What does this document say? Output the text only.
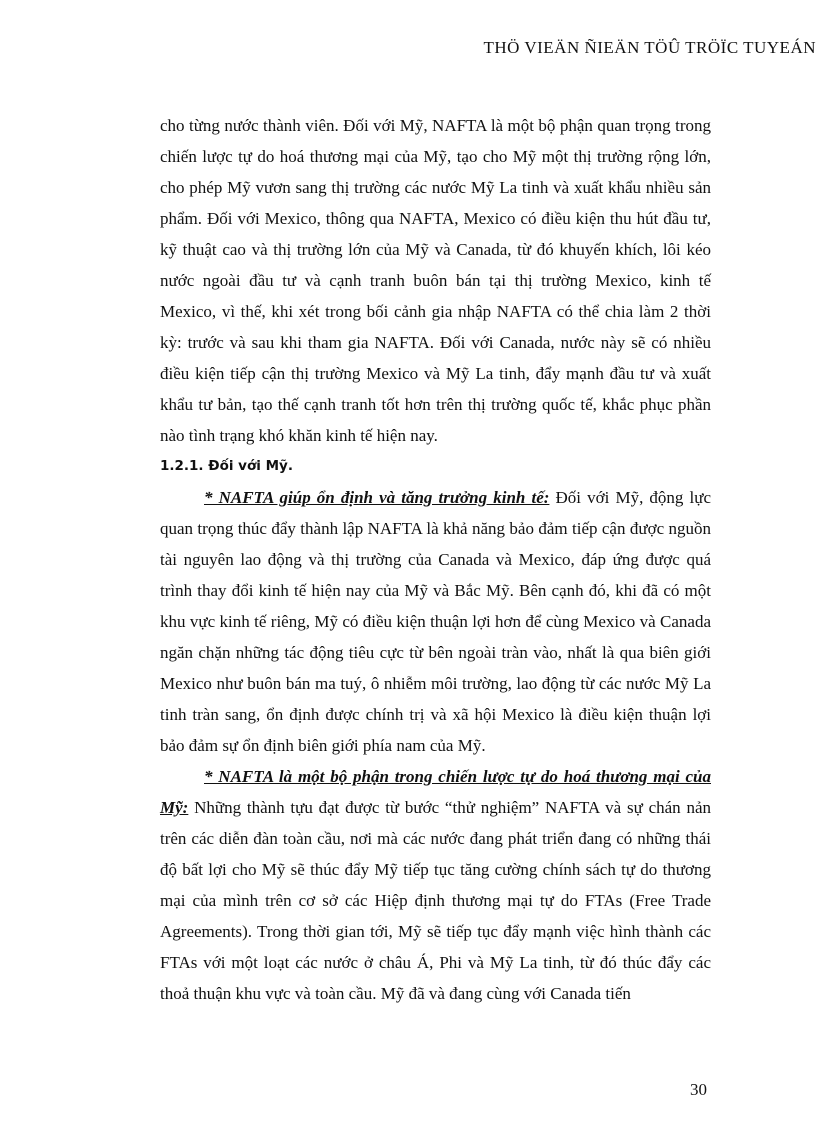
THÖ VIEÄN ÑIEÄN TÖÛ TRÖÏC TUYEÁN

cho từng nước thành viên. Đối với Mỹ, NAFTA là một bộ phận quan trọng trong chiến lược tự do hoá thương mại của Mỹ, tạo cho Mỹ một thị trường rộng lớn, cho phép Mỹ vươn sang thị trường các nước Mỹ La tinh và xuất khẩu nhiều sản phẩm. Đối với Mexico, thông qua NAFTA, Mexico có điều kiện thu hút đầu tư, kỹ thuật cao và thị trường lớn của Mỹ và Canada, từ đó khuyến khích, lôi kéo nước ngoài đầu tư và cạnh tranh buôn bán tại thị trường Mexico, kinh tế Mexico, vì thế, khi xét trong bối cảnh gia nhập NAFTA có thể chia làm 2 thời kỳ: trước và sau khi tham gia NAFTA. Đối với Canada, nước này sẽ có nhiều điều kiện tiếp cận thị trường Mexico và Mỹ La tinh, đẩy mạnh đầu tư và xuất khẩu tư bản, tạo thế cạnh tranh tốt hơn trên thị trường quốc tế, khắc phục phần nào tình trạng khó khăn kinh tế hiện nay.

1.2.1. Đối với Mỹ.

* NAFTA giúp ổn định và tăng trưởng kinh tế: Đối với Mỹ, động lực quan trọng thúc đẩy thành lập NAFTA là khả năng bảo đảm tiếp cận được nguồn tài nguyên lao động và thị trường của Canada và Mexico, đáp ứng được quá trình thay đổi kinh tế hiện nay của Mỹ và Bắc Mỹ. Bên cạnh đó, khi đã có một khu vực kinh tế riêng, Mỹ có điều kiện thuận lợi hơn để cùng Mexico và Canada ngăn chặn những tác động tiêu cực từ bên ngoài tràn vào, nhất là qua biên giới Mexico như buôn bán ma tuý, ô nhiễm môi trường, lao động từ các nước Mỹ La tinh tràn sang, ổn định được chính trị và xã hội Mexico là điều kiện thuận lợi bảo đảm sự ổn định biên giới phía nam của Mỹ.

* NAFTA là một bộ phận trong chiến lược tự do hoá thương mại của Mỹ: Những thành tựu đạt được từ bước “thử nghiệm” NAFTA và sự chán nản trên các diễn đàn toàn cầu, nơi mà các nước đang phát triển đang có những thái độ bất lợi cho Mỹ sẽ thúc đẩy Mỹ tiếp tục tăng cường chính sách tự do thương mại của mình trên cơ sở các Hiệp định thương mại tự do FTAs (Free Trade Agreements). Trong thời gian tới, Mỹ sẽ tiếp tục đẩy mạnh việc hình thành các FTAs với một loạt các nước ở châu Á, Phi và Mỹ La tinh, từ đó thúc đẩy các thoả thuận khu vực và toàn cầu. Mỹ đã và đang cùng với Canada tiến

30
